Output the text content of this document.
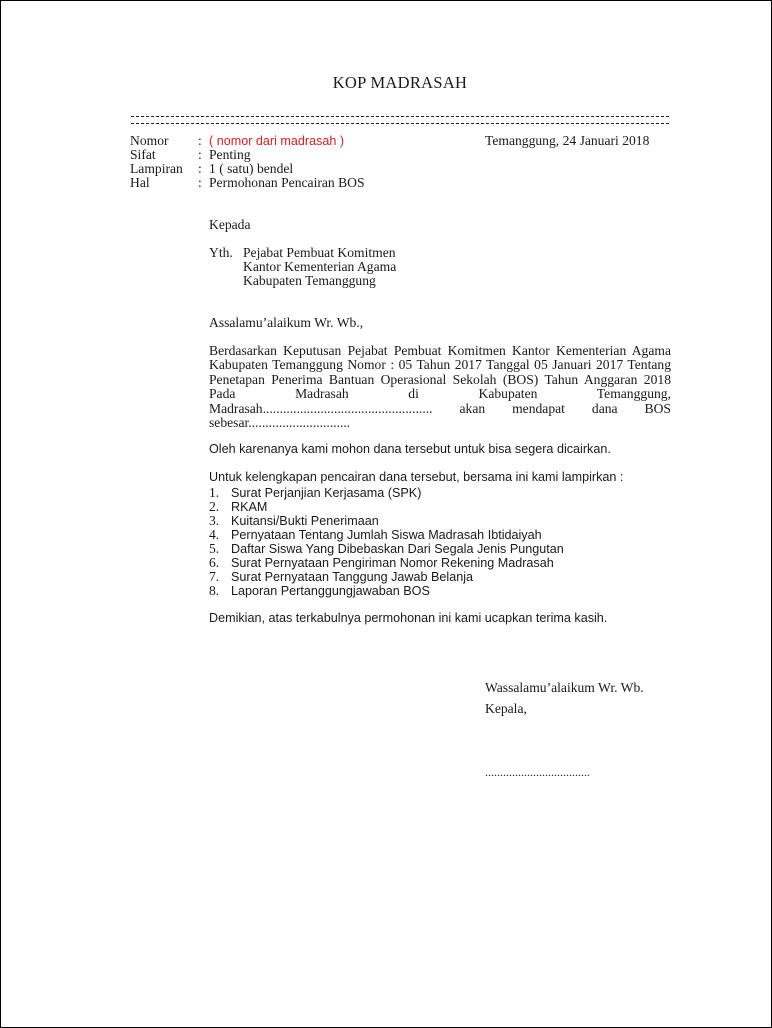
KOP MADRASAH
Nomor : ( nomor dari madrasah )	Temanggung, 24 Januari 2018
Sifat	: Penting
Lampiran : 1 ( satu) bendel
Hal	: Permohonan Pencairan BOS
Kepada
Yth. Pejabat Pembuat Komitmen
Kantor Kementerian Agama
Kabupaten Temanggung
Assalamu’alaikum Wr. Wb.,
Berdasarkan Keputusan Pejabat Pembuat Komitmen Kantor Kementerian Agama Kabupaten Temanggung Nomor : 05 Tahun 2017 Tanggal 05 Januari 2017 Tentang Penetapan Penerima Bantuan Operasional Sekolah (BOS) Tahun Anggaran 2018 Pada Madrasah di Kabupaten Temanggung, Madrasah.................................................. akan mendapat dana BOS sebesar..............................
Oleh karenanya kami mohon dana tersebut untuk bisa segera dicairkan.
Untuk kelengkapan pencairan dana tersebut, bersama ini kami lampirkan :
1. Surat Perjanjian Kerjasama (SPK)
2. RKAM
3. Kuitansi/Bukti Penerimaan
4. Pernyataan Tentang Jumlah Siswa Madrasah Ibtidaiyah
5. Daftar Siswa Yang Dibebaskan Dari Segala Jenis Pungutan
6. Surat Pernyataan Pengiriman Nomor Rekening Madrasah
7. Surat Pernyataan Tanggung Jawab Belanja
8. Laporan Pertanggungjawaban BOS
Demikian, atas terkabulnya permohonan ini kami ucapkan terima kasih.
Wassalamu’alaikum Wr. Wb.
Kepala,
...................................
